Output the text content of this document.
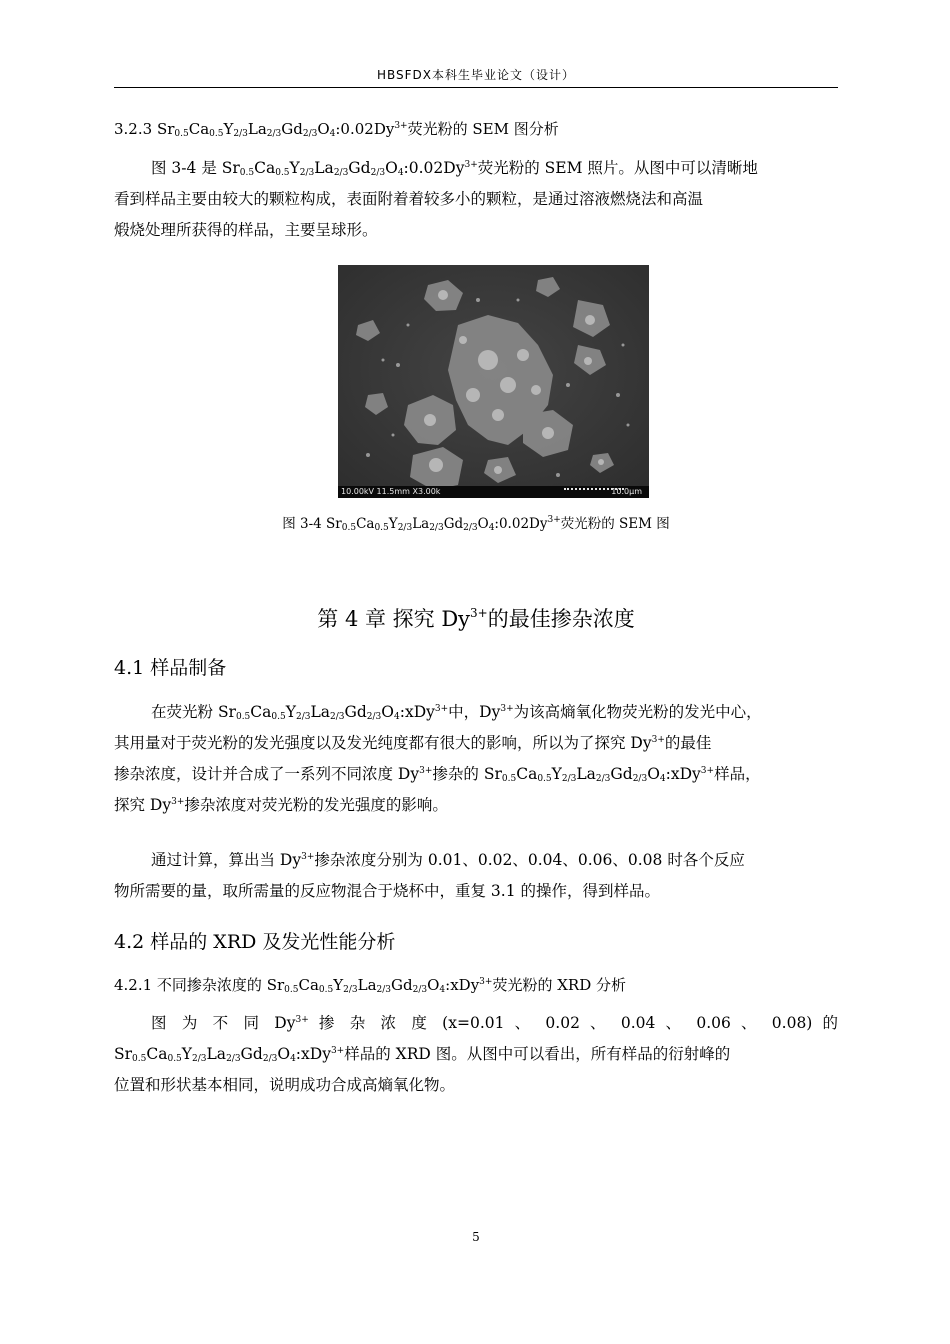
HBSFDX本科生毕业论文（设计）
3.2.3 $Sr_{0.5}Ca_{0.5}Y_{2/3}La_{2/3}Gd_{2/3}O_4:0.02Dy^{3+}$荧光粉的 SEM 图分析
图 3-4 是 $Sr_{0.5}Ca_{0.5}Y_{2/3}La_{2/3}Gd_{2/3}O_4:0.02Dy^{3+}$荧光粉的 SEM 照片。从图中可以清晰地
看到样品主要由较大的颗粒构成，表面附着着较多小的颗粒，是通过溶液燃烧法和高温
煅烧处理所获得的样品，主要呈球形。
10.00kV 11.5mm X3.00k	10.0μm
图 3-4 $Sr_{0.5}Ca_{0.5}Y_{2/3}La_{2/3}Gd_{2/3}O_4:0.02Dy^{3+}$荧光粉的 SEM 图
第 4 章 探究 $Dy^{3+}$的最佳掺杂浓度
4.1 样品制备
在荧光粉 $Sr_{0.5}Ca_{0.5}Y_{2/3}La_{2/3}Gd_{2/3}O_4:xDy^{3+}$中，$Dy^{3+}$为该高熵氧化物荧光粉的发光中心，
其用量对于荧光粉的发光强度以及发光纯度都有很大的影响，所以为了探究 $Dy^{3+}$的最佳
掺杂浓度，设计并合成了一系列不同浓度 $Dy^{3+}$掺杂的 $Sr_{0.5}Ca_{0.5}Y_{2/3}La_{2/3}Gd_{2/3}O_4:xDy^{3+}$样品，
探究 $Dy^{3+}$掺杂浓度对荧光粉的发光强度的影响。
通过计算，算出当 $Dy^{3+}$掺杂浓度分别为 0.01、0.02、0.04、0.06、0.08 时各个反应
物所需要的量，取所需量的反应物混合于烧杯中，重复 3.1 的操作，得到样品。
4.2 样品的 XRD 及发光性能分析
4.2.1 不同掺杂浓度的 $Sr_{0.5}Ca_{0.5}Y_{2/3}La_{2/3}Gd_{2/3}O_4:xDy^{3+}$荧光粉的 XRD 分析
图 为 不 同 $Dy^{3+}$ 掺 杂 浓 度 (x=0.01 、 0.02 、 0.04 、 0.06 、 0.08) 的
$Sr_{0.5}Ca_{0.5}Y_{2/3}La_{2/3}Gd_{2/3}O_4:xDy^{3+}$样品的 XRD 图。从图中可以看出，所有样品的衍射峰的
位置和形状基本相同，说明成功合成高熵氧化物。
5
